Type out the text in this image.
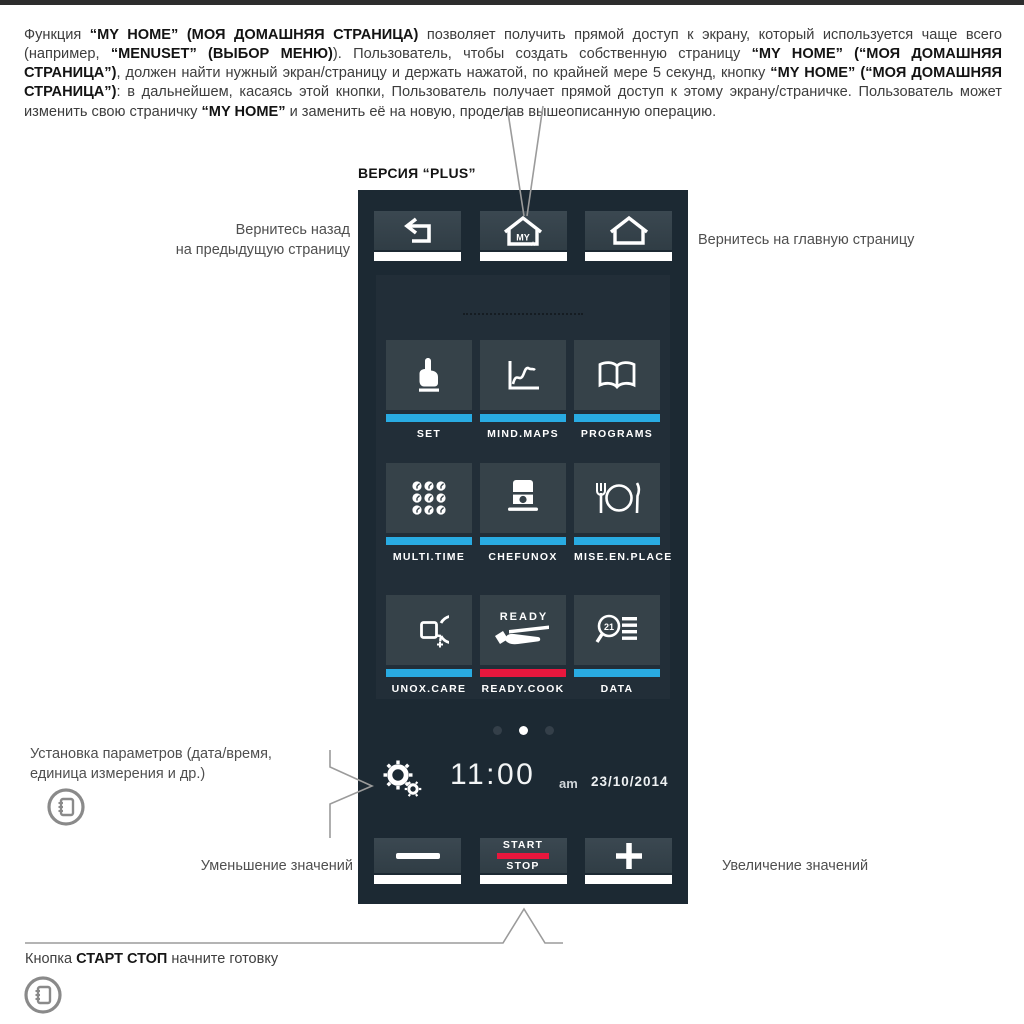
Функция “MY HOME” (МОЯ ДОМАШНЯЯ СТРАНИЦА) позволяет получить прямой доступ к экрану, который используется чаще всего (например, “MENUSET” (ВЫБОР МЕНЮ)). Пользователь, чтобы создать собственную страницу “MY HOME” (“МОЯ ДОМАШНЯЯ СТРАНИЦА”), должен найти нужный экран/страницу и держать нажатой, по крайней мере 5 секунд, кнопку “MY HOME” (“МОЯ ДОМАШНЯЯ СТРАНИЦА”): в дальнейшем, касаясь этой кнопки, Пользователь получает прямой доступ к этому экрану/страничке. Пользователь может изменить свою страничку “MY HOME” и заменить её на новую, проделав вышеописанную операцию.

ВЕРСИЯ “PLUS”
Вернитесь назад
на предыдущую страницу
Вернитесь на главную страницу
Установка параметров (дата/время,
единица измерения и др.)
Уменьшение значений	Увеличение значений
Кнопка СТАРТ СТОП начните готовку
MY
★
SET	MIND.MAPS	PROGRAMS
MULTI.TIME	CHEFUNOX	MISE.EN.PLACE
UNOX.CARE
READY
READY.COOK
21
DATA
11:00 am 23/10/2014
START
STOP
